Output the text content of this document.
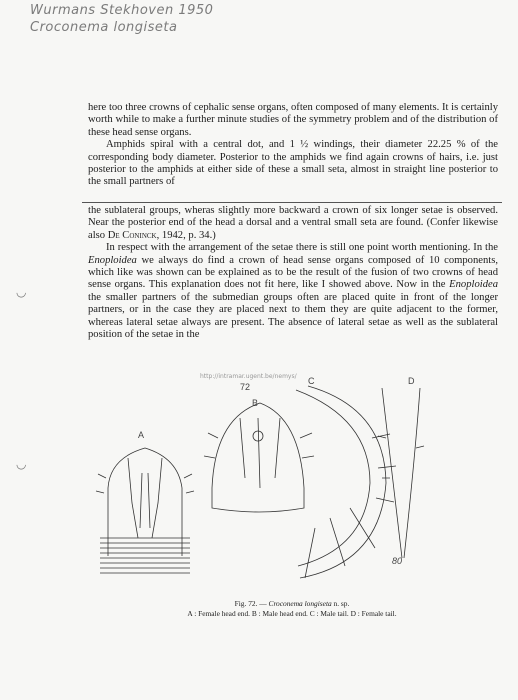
Wurmans Stekhoven 1950
Croconema longiseta

here too three crowns of cephalic sense organs, often composed of many elements. It is certainly worth while to make a further minute studies of the symmetry problem and of the distribution of these head sense organs.

Amphids spiral with a central dot, and 1 ½ windings, their diameter 22.25 % of the corresponding body diameter. Posterior to the amphids we find again crowns of hairs, i.e. just posterior to the amphids at either side of these a small seta, almost in straight line posterior to the small partners of

the sublateral groups, wheras slightly more backward a crown of six longer setae is observed. Near the posterior end of the head a dorsal and a ventral small seta are found. (Confer likewise also De Coninck, 1942, p. 34.)

In respect with the arrangement of the setae there is still one point worth mentioning. In the Enoploidea we always do find a crown of head sense organs composed of 10 components, which like was shown can be explained as to be the result of the fusion of two crowns of head sense organs. This explanation does not fit here, like I showed above. Now in the Enoploidea the smaller partners of the submedian groups often are placed quite in front of the longer partners, or in the case they are placed next to them they are quite adjacent to the former, whereas lateral setae always are present. The absence of lateral setae as well as the sublateral position of the setae in the

http://intramar.ugent.be/nemys/
◡
◡
72
A
B
C	D
80
Fig. 72. — Croconema longiseta n. sp.
A : Female head end. B : Male head end. C : Male tail. D : Female tail.
